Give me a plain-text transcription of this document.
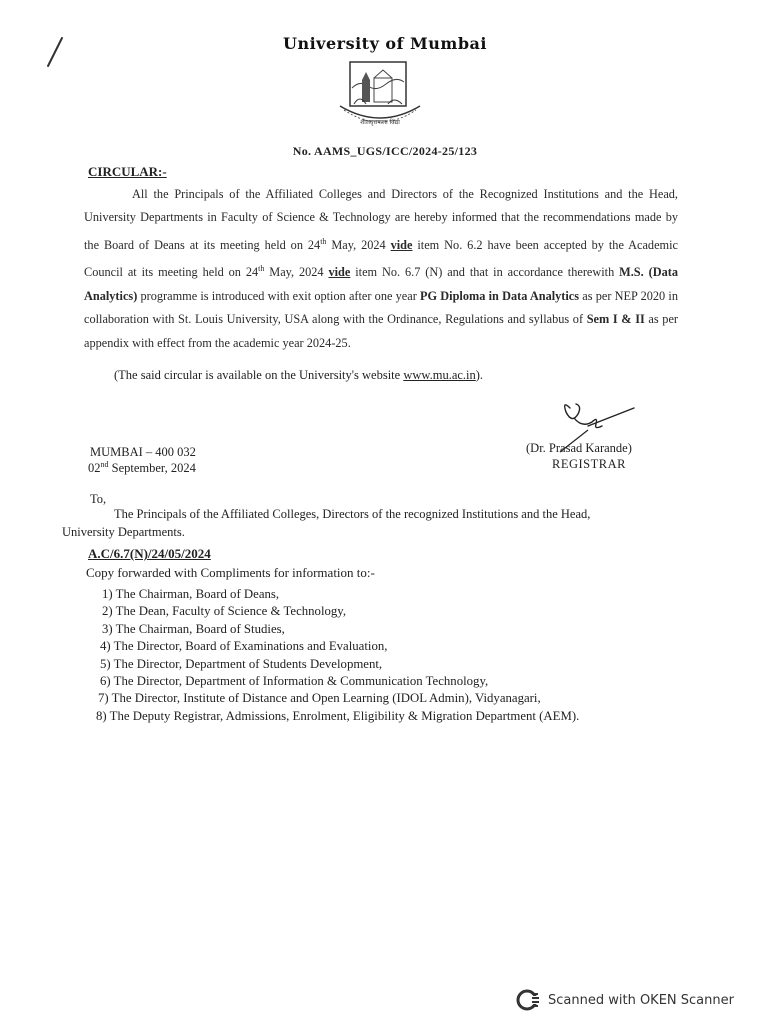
University of Mumbai
शीलवृत्तफला विद्या
No. AAMS_UGS/ICC/2024-25/123
CIRCULAR:-

All the Principals of the Affiliated Colleges and Directors of the Recognized Institutions and the Head, University Departments in Faculty of Science & Technology are hereby informed that the recommendations made by the Board of Deans at its meeting held on 24th May, 2024 vide item No. 6.2 have been accepted by the Academic Council at its meeting held on 24th May, 2024 vide item No. 6.7 (N) and that in accordance therewith M.S. (Data Analytics) programme is introduced with exit option after one year PG Diploma in Data Analytics as per NEP 2020 in collaboration with St. Louis University, USA along with the Ordinance, Regulations and syllabus of Sem I & II as per appendix with effect from the academic year 2024-25.

(The said circular is available on the University's website www.mu.ac.in).
MUMBAI – 400 032
02nd September, 2024
(Dr. Prasad Karande)
REGISTRAR
To,
The Principals of the Affiliated Colleges, Directors of the recognized Institutions and the Head,
University Departments.
A.C/6.7(N)/24/05/2024
Copy forwarded with Compliments for information to:-
1) The Chairman, Board of Deans,
2) The Dean, Faculty of Science & Technology,
3) The Chairman, Board of Studies,
4) The Director, Board of Examinations and Evaluation,
5) The Director, Department of Students Development,
6) The Director, Department of Information & Communication Technology,
7) The Director, Institute of Distance and Open Learning (IDOL Admin), Vidyanagari,
8) The Deputy Registrar, Admissions, Enrolment, Eligibility & Migration Department (AEM).
Scanned with OKEN Scanner
